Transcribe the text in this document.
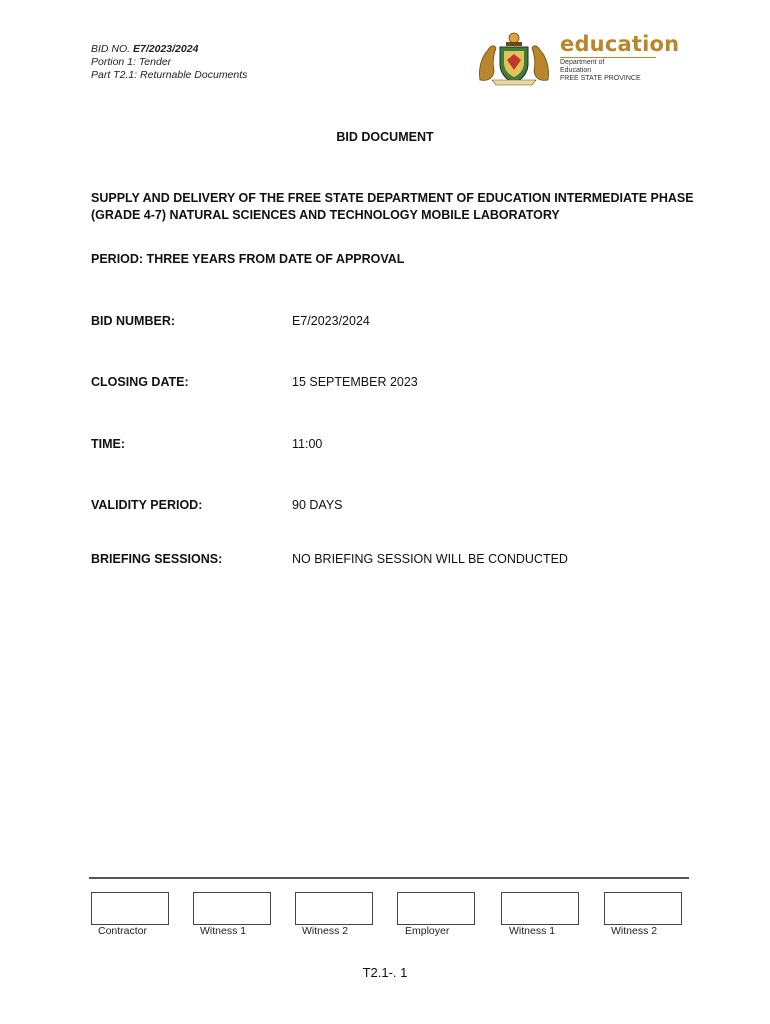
BID NO. E7/2023/2024
Portion 1: Tender
Part T2.1: Returnable Documents
education
Department of
Education
FREE STATE PROVINCE
BID DOCUMENT
SUPPLY AND DELIVERY OF THE FREE STATE DEPARTMENT OF EDUCATION INTERMEDIATE PHASE (GRADE 4-7) NATURAL SCIENCES AND TECHNOLOGY MOBILE LABORATORY
PERIOD: THREE YEARS FROM DATE OF APPROVAL
BID NUMBER:	E7/2023/2024
CLOSING DATE:	15 SEPTEMBER 2023
TIME:	11:00
VALIDITY PERIOD:	90 DAYS
BRIEFING SESSIONS:	NO BRIEFING SESSION WILL BE CONDUCTED
Contractor	Witness 1	Witness 2	Employer	Witness 1	Witness 2
T2.1-. 1
